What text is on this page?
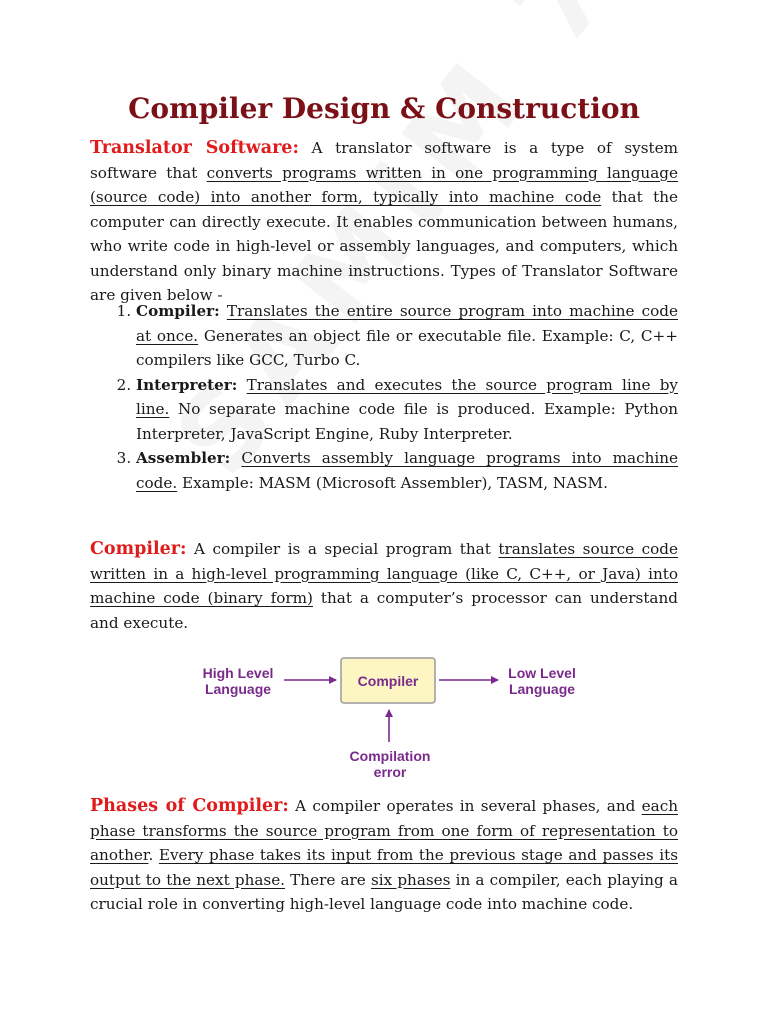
Compiler Design & Construction

Translator Software: A translator software is a type of system software that converts programs written in one programming language (source code) into another form, typically into machine code that the computer can directly execute. It enables communication between humans, who write code in high-level or assembly languages, and computers, which understand only binary machine instructions. Types of Translator Software are given below -

1. Compiler: Translates the entire source program into machine code at once. Generates an object file or executable file. Example: C, C++ compilers like GCC, Turbo C.
2. Interpreter: Translates and executes the source program line by line. No separate machine code file is produced. Example: Python Interpreter, JavaScript Engine, Ruby Interpreter.
3. Assembler: Converts assembly language programs into machine code. Example: MASM (Microsoft Assembler), TASM, NASM.

Compiler: A compiler is a special program that translates source code written in a high-level programming language (like C, C++, or Java) into machine code (binary form) that a computer’s processor can understand and execute.

High Level
Language	Compiler	Low Level
Language
Compilation
error

Phases of Compiler: A compiler operates in several phases, and each phase transforms the source program from one form of representation to another. Every phase takes its input from the previous stage and passes its output to the next phase. There are six phases in a compiler, each playing a crucial role in converting high-level language code into machine code.
